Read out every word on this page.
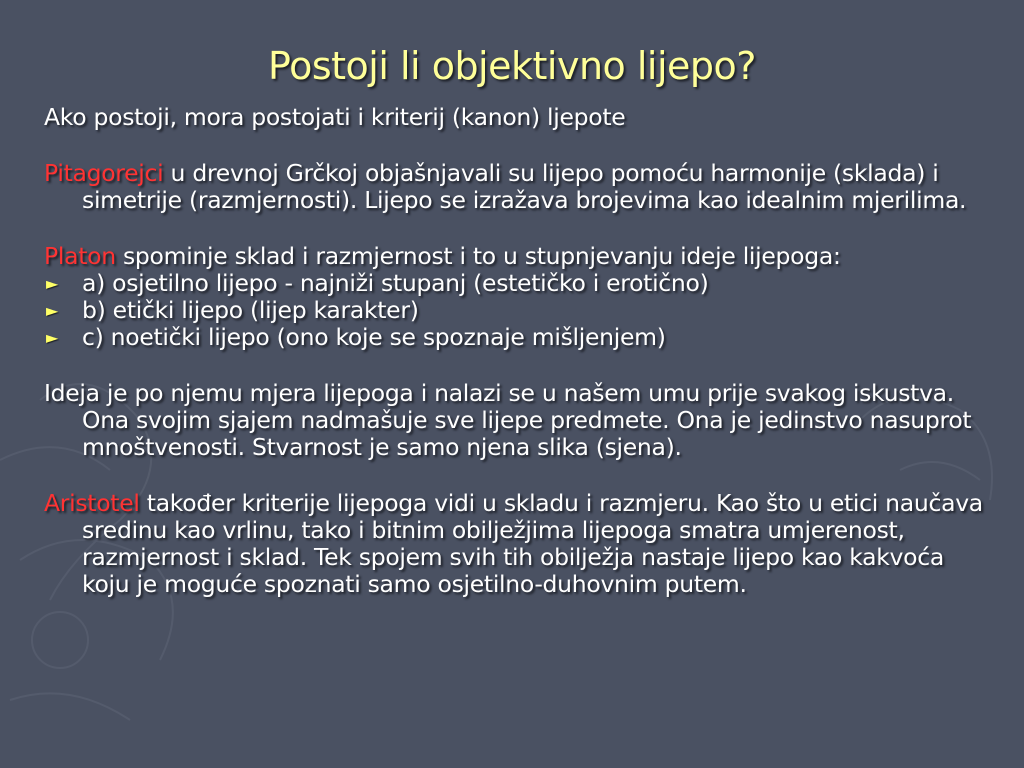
Postoji li objektivno lijepo?

Ako postoji, mora postojati i kriterij (kanon) ljepote

Pitagorejci u drevnoj Grčkoj objašnjavali su lijepo pomoću harmonije (sklada) i simetrije (razmjernosti). Lijepo se izražava brojevima kao idealnim mjerilima.

Platon spominje sklad i razmjernost i to u stupnjevanju ideje lijepoga:

► a) osjetilno lijepo - najniži stupanj (estetičko i erotično)
► b) etički lijepo (lijep karakter)
► c) noetički lijepo (ono koje se spoznaje mišljenjem)

Ideja je po njemu mjera lijepoga i nalazi se u našem umu prije svakog iskustva. Ona svojim sjajem nadmašuje sve lijepe predmete. Ona je jedinstvo nasuprot mnoštvenosti. Stvarnost je samo njena slika (sjena).

Aristotel također kriterije lijepoga vidi u skladu i razmjeru. Kao što u etici naučava sredinu kao vrlinu, tako i bitnim obilježjima lijepoga smatra umjerenost, razmjernost i sklad. Tek spojem svih tih obilježja nastaje lijepo kao kakvoća koju je moguće spoznati samo osjetilno-duhovnim putem.
